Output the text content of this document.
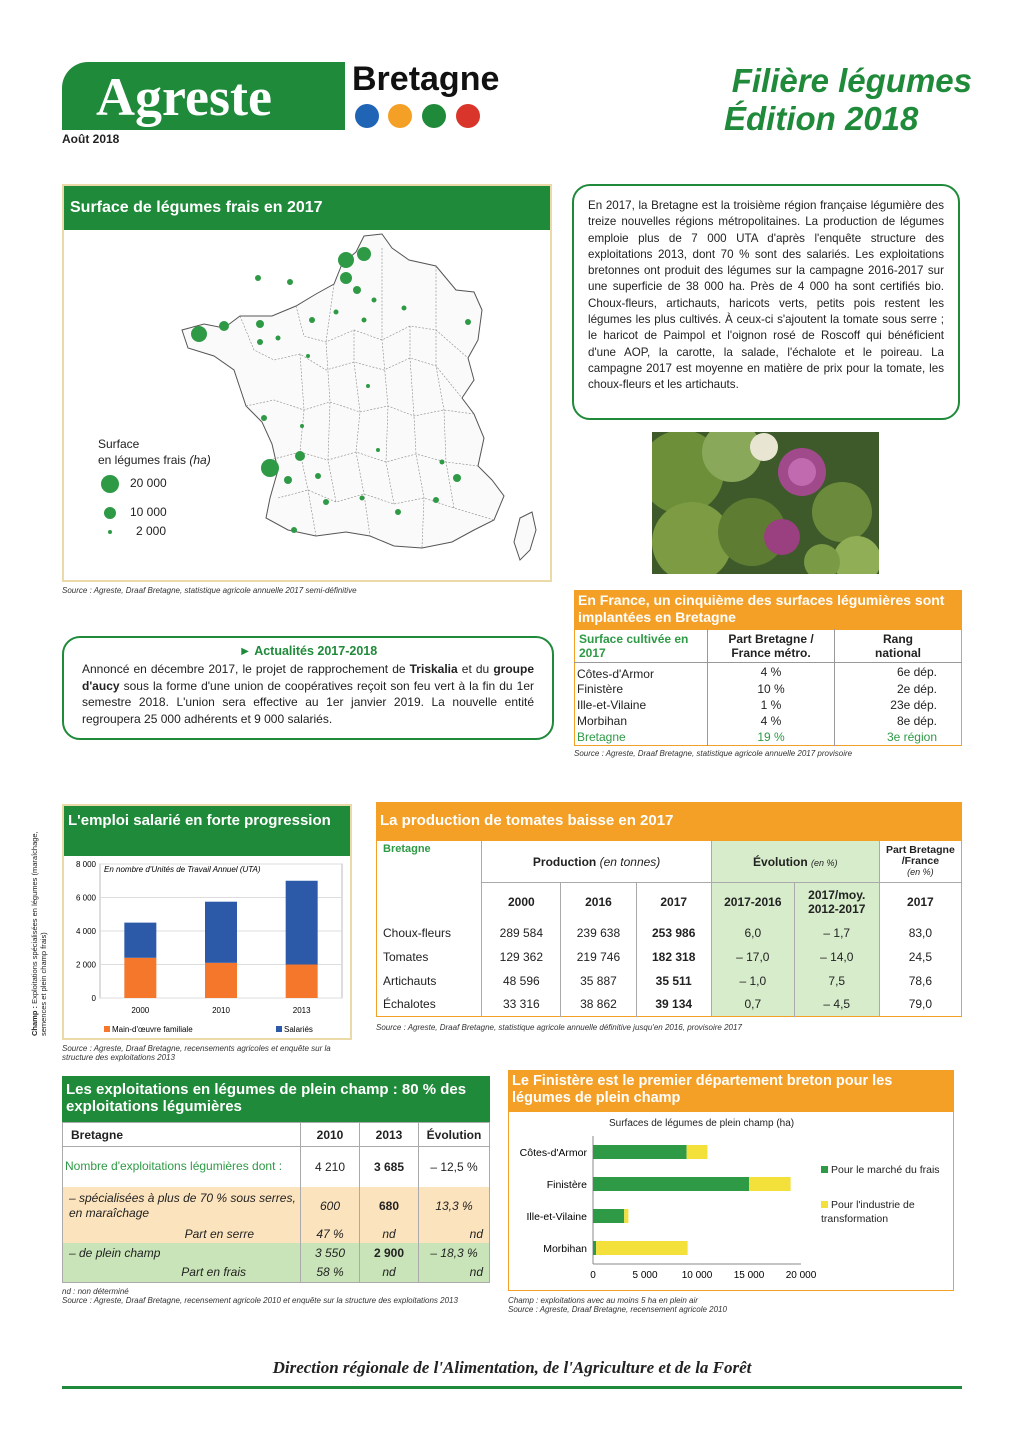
Agreste Bretagne
Août 2018
Filière légumes
Édition 2018
Surface de légumes frais en 2017
Surface
en légumes frais (ha)
20 000
10 000
2 000
Source : Agreste, Draaf Bretagne, statistique agricole annuelle 2017 semi-définitive
En 2017, la Bretagne est la troisième région française légumière des treize nouvelles régions métropolitaines. La production de légumes emploie plus de 7 000 UTA d'après l'enquête structure des exploitations 2013, dont 70 % sont des salariés. Les exploitations bretonnes ont produit des légumes sur la campagne 2016-2017 sur une superficie de 38 000 ha. Près de 4 000 ha sont certifiés bio. Choux-fleurs, artichauts, haricots verts, petits pois restent les légumes les plus cultivés. À ceux-ci s'ajoutent la tomate sous serre ; le haricot de Paimpol et l'oignon rosé de Roscoff qui bénéficient d'une AOP, la carotte, la salade, l'échalote et le poireau. La campagne 2017 est moyenne en matière de prix pour la tomate, les choux-fleurs et les artichauts.
► Actualités 2017-2018
Annoncé en décembre 2017, le projet de rapprochement de Triskalia et du groupe d'aucy sous la forme d'une union de coopératives reçoit son feu vert à la fin du 1er semestre 2018. L'union sera effective au 1er janvier 2019. La nouvelle entité regroupera 25 000 adhérents et 9 000 salariés.
En France, un cinquième des surfaces légumières sont implantées en Bretagne
Surface cultivée en 2017	Part Bretagne / France métro.	Rang national
Côtes-d'Armor	4 %	6e dép.
Finistère	10 %	2e dép.
Ille-et-Vilaine	1 %	23e dép.
Morbihan	4 %	8e dép.
Bretagne	19 %	3e région
Source : Agreste, Draaf Bretagne, statistique agricole annuelle 2017 provisoire
L'emploi salarié en forte progression
0
2 000
4 000
6 000
8 000
En nombre d'Unités de Travail Annuel (UTA)
2000	2010	2013
Main-d'œuvre familiale	Salariés
Champ : Exploitations spécialisées en légumes (maraîchage, semences et plein champ frais)
Source : Agreste, Draaf Bretagne, recensements agricoles et enquête sur la structure des exploitations 2013
La production de tomates baisse en 2017
Bretagne	Production (en tonnes)			Évolution (en %)		Part Bretagne /France
(en %)
	2000	2016	2017	2017-2016	2017/moy. 2012-2017	2017
Choux-fleurs	289 584	239 638	253 986	6,0	– 1,7	83,0
Tomates	129 362	219 746	182 318	– 17,0	– 14,0	24,5
Artichauts	48 596	35 887	35 511	– 1,0	7,5	78,6
Échalotes	33 316	38 862	39 134	0,7	– 4,5	79,0
Source : Agreste, Draaf Bretagne, statistique agricole annuelle définitive jusqu'en 2016, provisoire 2017
Les exploitations en légumes de plein champ : 80 % des exploitations légumières
Bretagne	2010	2013	Évolution
Nombre d'exploitations légumières dont :	4 210	3 685	– 12,5 %
– spécialisées à plus de 70 % sous serres, en maraîchage	600	680	13,3 %
Part en serre	47 %	nd	nd
– de plein champ	3 550	2 900	– 18,3 %
Part en frais	58 %	nd	nd
nd : non déterminé
Source : Agreste, Draaf Bretagne, recensement agricole 2010 et enquête sur la structure des exploitations 2013
Le Finistère est le premier département breton pour les légumes de plein champ
Surfaces de légumes de plein champ (ha)
Côtes-d'Armor
Finistère
Ille-et-Vilaine
Morbihan
0	5 000 10 000 15 000 20 000
Pour le marché du frais
Pour l'industrie de transformation
Champ : exploitations avec au moins 5 ha en plein air
Source : Agreste, Draaf Bretagne, recensement agricole 2010
Direction régionale de l'Alimentation, de l'Agriculture et de la Forêt
